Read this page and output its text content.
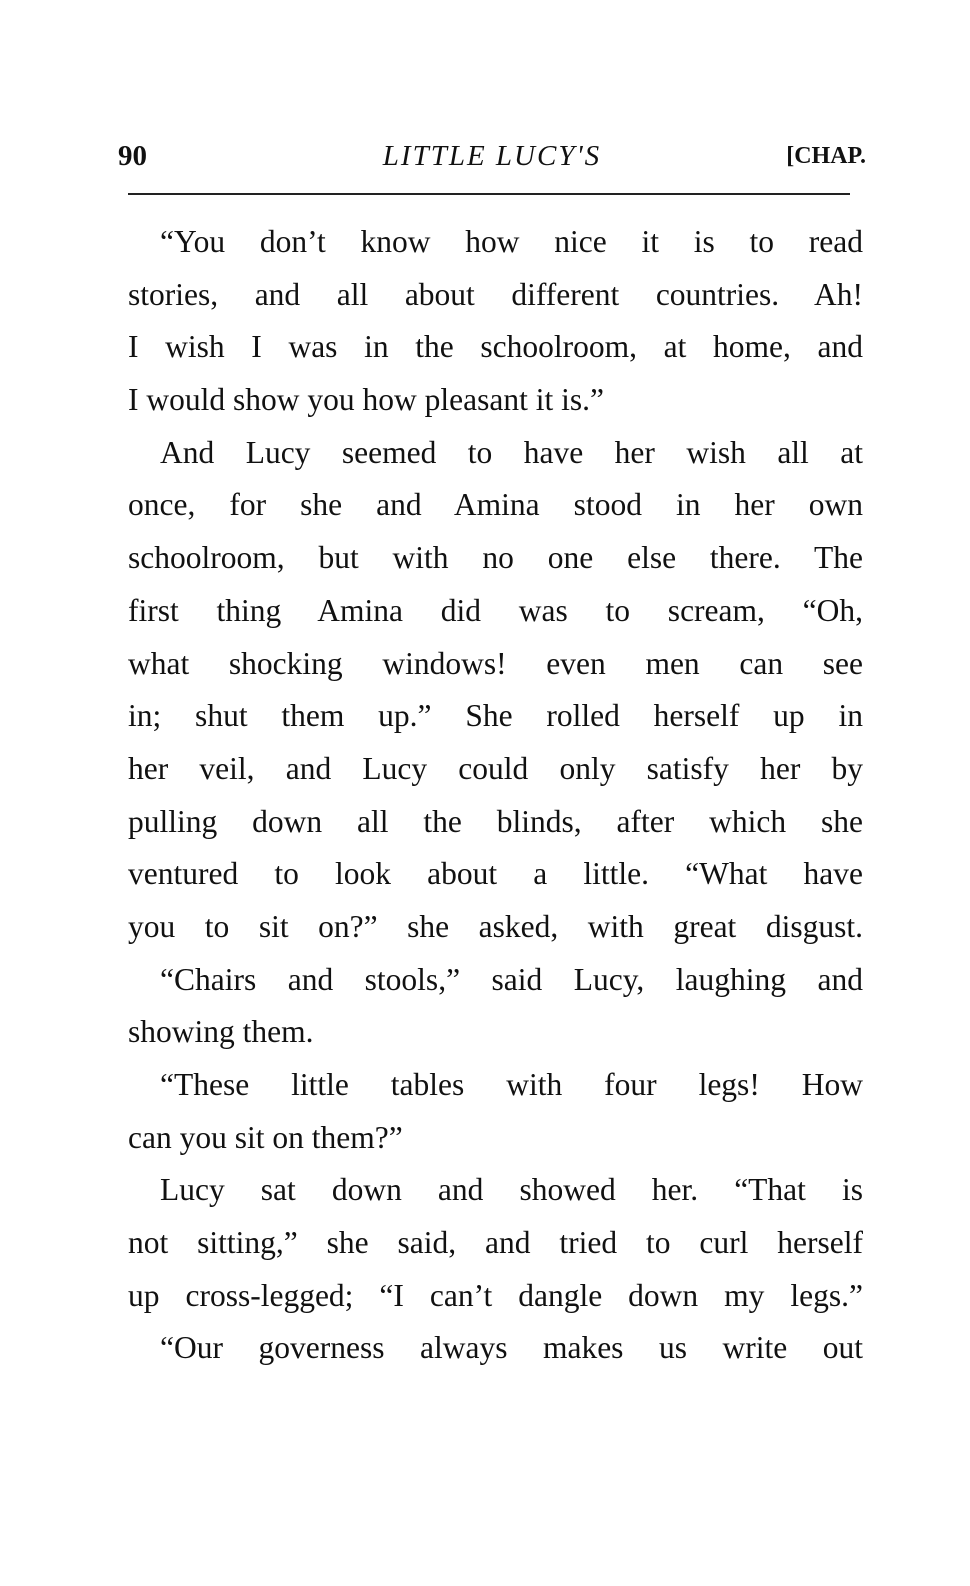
90	LITTLE LUCY'S	[CHAP.
“You don’t know how nice it is to read
stories, and all about different countries. Ah!
I wish I was in the schoolroom, at home, and
I would show you how pleasant it is.”
And Lucy seemed to have her wish all at
once, for she and Amina stood in her own
schoolroom, but with no one else there. The
first thing Amina did was to scream, “Oh,
what shocking windows! even men can see
in; shut them up.” She rolled herself up in
her veil, and Lucy could only satisfy her by
pulling down all the blinds, after which she
ventured to look about a little. “What have
you to sit on?” she asked, with great disgust.
“Chairs and stools,” said Lucy, laughing and
showing them.
“These little tables with four legs! How
can you sit on them?”
Lucy sat down and showed her. “That is
not sitting,” she said, and tried to curl herself
up cross-legged; “I can’t dangle down my legs.”
“Our governess always makes us write out
